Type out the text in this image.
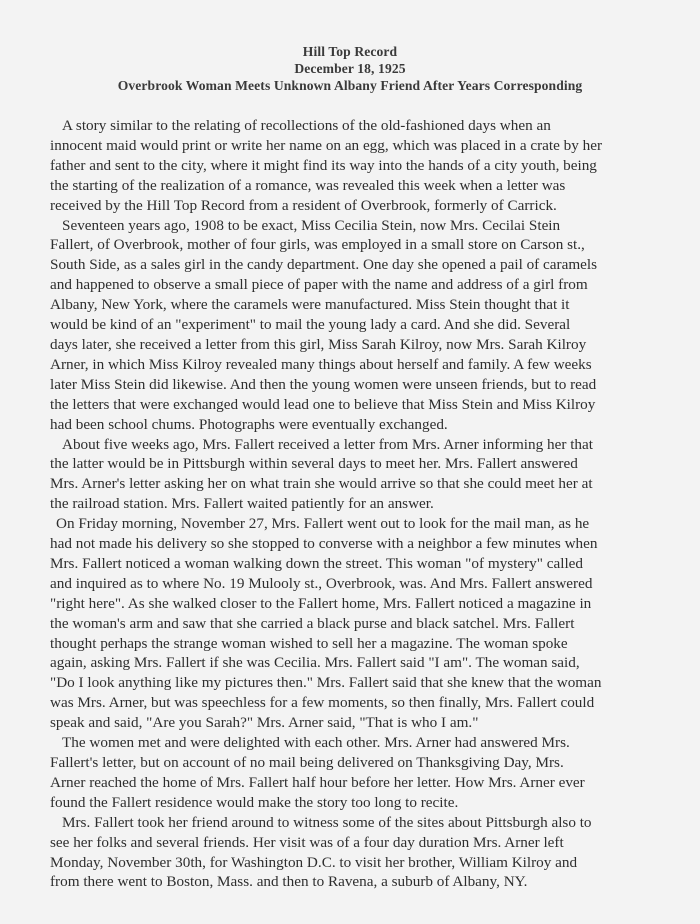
Hill Top Record
December 18, 1925
Overbrook Woman Meets Unknown Albany Friend After Years Corresponding
A story similar to the relating of recollections of the old-fashioned days when an
innocent maid would print or write her name on an egg, which was placed in a crate by her
father and sent to the city, where it might find its way into the hands of a city youth, being
the starting of the realization of a romance, was revealed this week when a letter was
received by the Hill Top Record from a resident of Overbrook, formerly of Carrick.
Seventeen years ago, 1908 to be exact, Miss Cecilia Stein, now Mrs. Cecilai Stein
Fallert, of Overbrook, mother of four girls, was employed in a small store on Carson st.,
South Side, as a sales girl in the candy department. One day she opened a pail of caramels
and happened to observe a small piece of paper with the name and address of a girl from
Albany, New York, where the caramels were manufactured. Miss Stein thought that it
would be kind of an "experiment" to mail the young lady a card. And she did. Several
days later, she received a letter from this girl, Miss Sarah Kilroy, now Mrs. Sarah Kilroy
Arner, in which Miss Kilroy revealed many things about herself and family. A few weeks
later Miss Stein did likewise. And then the young women were unseen friends, but to read
the letters that were exchanged would lead one to believe that Miss Stein and Miss Kilroy
had been school chums. Photographs were eventually exchanged.
About five weeks ago, Mrs. Fallert received a letter from Mrs. Arner informing her that
the latter would be in Pittsburgh within several days to meet her. Mrs. Fallert answered
Mrs. Arner's letter asking her on what train she would arrive so that she could meet her at
the railroad station. Mrs. Fallert waited patiently for an answer.
On Friday morning, November 27, Mrs. Fallert went out to look for the mail man, as he
had not made his delivery so she stopped to converse with a neighbor a few minutes when
Mrs. Fallert noticed a woman walking down the street. This woman "of mystery" called
and inquired as to where No. 19 Mulooly st., Overbrook, was. And Mrs. Fallert answered
"right here". As she walked closer to the Fallert home, Mrs. Fallert noticed a magazine in
the woman's arm and saw that she carried a black purse and black satchel. Mrs. Fallert
thought perhaps the strange woman wished to sell her a magazine. The woman spoke
again, asking Mrs. Fallert if she was Cecilia. Mrs. Fallert said "I am". The woman said,
"Do I look anything like my pictures then." Mrs. Fallert said that she knew that the woman
was Mrs. Arner, but was speechless for a few moments, so then finally, Mrs. Fallert could
speak and said, "Are you Sarah?" Mrs. Arner said, "That is who I am."
The women met and were delighted with each other. Mrs. Arner had answered Mrs.
Fallert's letter, but on account of no mail being delivered on Thanksgiving Day, Mrs.
Arner reached the home of Mrs. Fallert half hour before her letter. How Mrs. Arner ever
found the Fallert residence would make the story too long to recite.
Mrs. Fallert took her friend around to witness some of the sites about Pittsburgh also to
see her folks and several friends. Her visit was of a four day duration Mrs. Arner left
Monday, November 30th, for Washington D.C. to visit her brother, William Kilroy and
from there went to Boston, Mass. and then to Ravena, a suburb of Albany, NY.
